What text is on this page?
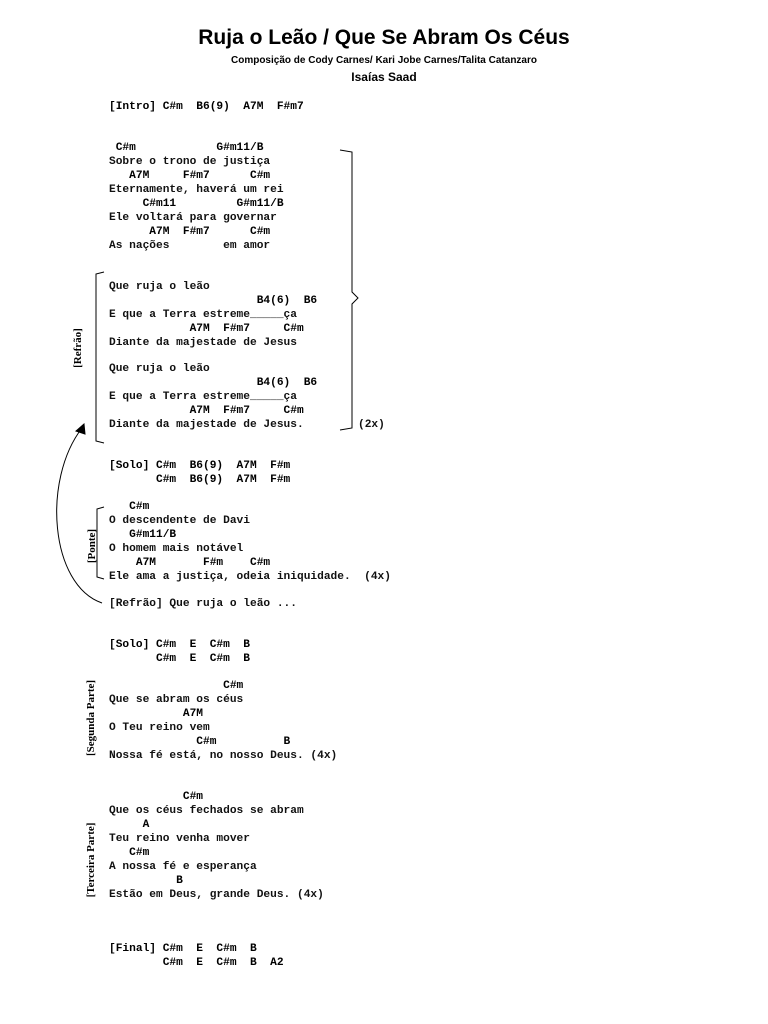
Ruja o Leão / Que Se Abram Os Céus
Composição de Cody Carnes/ Kari Jobe Carnes/Talita Catanzaro
Isaías Saad
[Intro] C#m  B6(9)  A7M  F#m7
C#m            G#m11/B
Sobre o trono de justiça
A7M     F#m7      C#m
Eternamente, haverá um rei
C#m11         G#m11/B
Ele voltará para governar
A7M  F#m7      C#m
As nações        em amor
Que ruja o leão
B4(6)  B6
E que a Terra estreme_____ça
A7M  F#m7     C#m
Diante da majestade de Jesus
Que ruja o leão
B4(6)  B6
E que a Terra estreme_____ça
A7M  F#m7     C#m
Diante da majestade de Jesus.
[Solo] C#m  B6(9)  A7M  F#m
C#m  B6(9)  A7M  F#m
C#m
O descendente de Davi
G#m11/B
O homem mais notável
A7M       F#m    C#m
Ele ama a justiça, odeia iniquidade.  (4x)
[Refrão] Que ruja o leão ...
[Solo] C#m  E  C#m  B
C#m  E  C#m  B
C#m
Que se abram os céus
A7M
O Teu reino vem
C#m          B
Nossa fé está, no nosso Deus. (4x)
C#m
Que os céus fechados se abram
A
Teu reino venha mover
C#m
A nossa fé e esperança
B
Estão em Deus, grande Deus. (4x)
[Final] C#m  E  C#m  B
C#m  E  C#m  B  A2
(2x)
[Refrão]
[Ponte]
[Segunda Parte]
[Terceira Parte]
